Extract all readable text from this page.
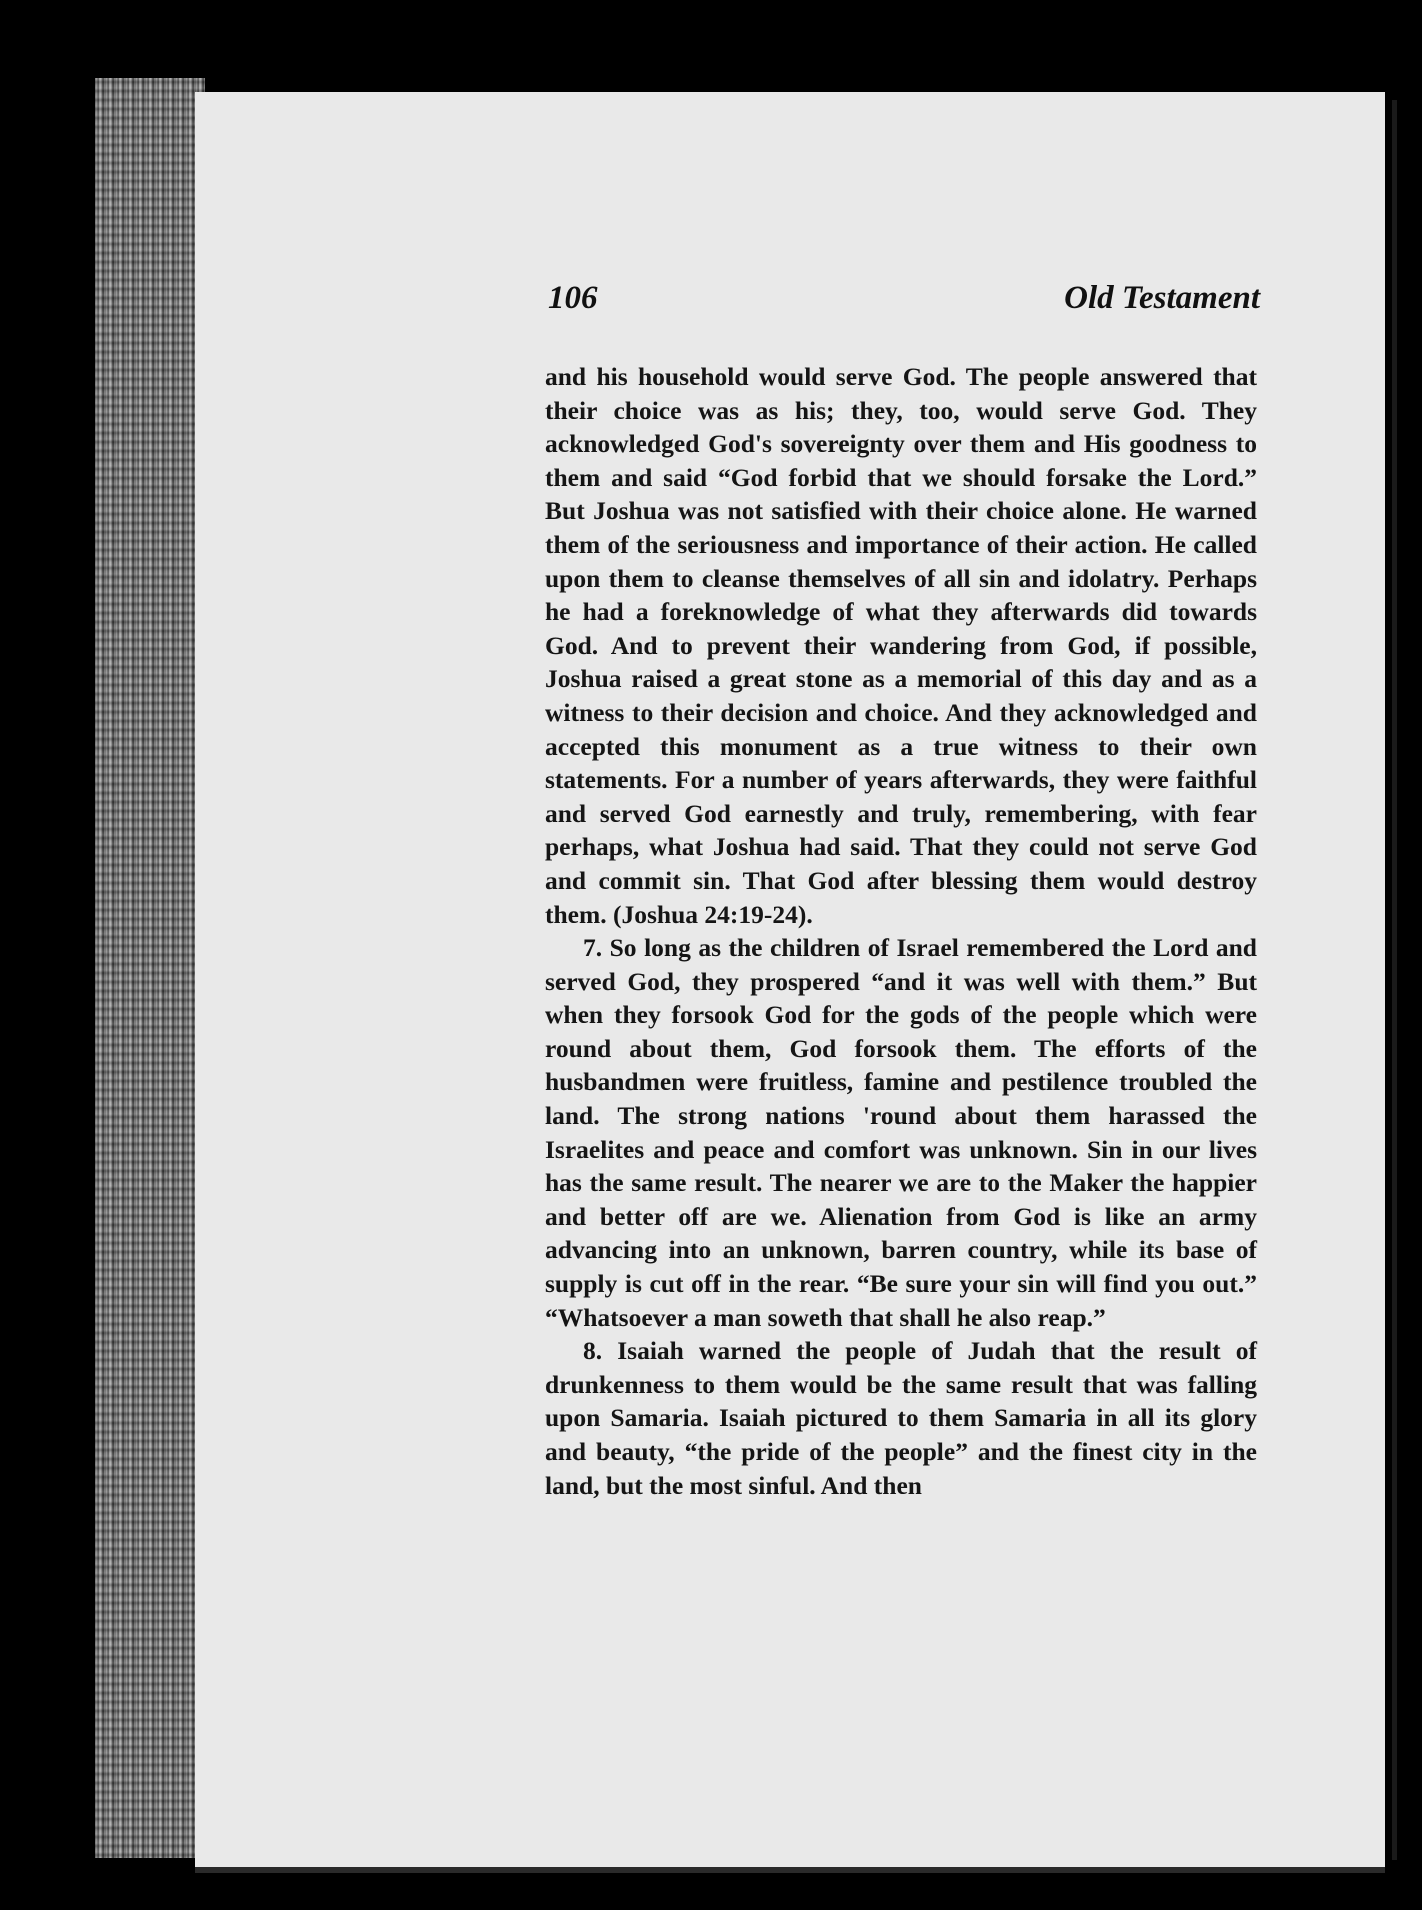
106	Old Testament

and his household would serve God. The people answered that their choice was as his; they, too, would serve God. They acknowledged God's sovereignty over them and His goodness to them and said “God forbid that we should forsake the Lord.” But Joshua was not satisfied with their choice alone. He warned them of the seriousness and importance of their action. He called upon them to cleanse themselves of all sin and idolatry. Perhaps he had a foreknowledge of what they afterwards did towards God. And to prevent their wandering from God, if possible, Joshua raised a great stone as a memorial of this day and as a witness to their decision and choice. And they acknowledged and accepted this monument as a true witness to their own statements. For a number of years afterwards, they were faithful and served God earnestly and truly, remembering, with fear perhaps, what Joshua had said. That they could not serve God and commit sin. That God after blessing them would destroy them. (Joshua 24:19-24).

7. So long as the children of Israel remembered the Lord and served God, they prospered “and it was well with them.” But when they forsook God for the gods of the people which were round about them, God forsook them. The efforts of the husbandmen were fruitless, famine and pestilence troubled the land. The strong nations 'round about them harassed the Israelites and peace and comfort was unknown. Sin in our lives has the same result. The nearer we are to the Maker the happier and better off are we. Alienation from God is like an army advancing into an unknown, barren country, while its base of supply is cut off in the rear. “Be sure your sin will find you out.” “Whatsoever a man soweth that shall he also reap.”

8. Isaiah warned the people of Judah that the result of drunkenness to them would be the same result that was falling upon Samaria. Isaiah pictured to them Samaria in all its glory and beauty, “the pride of the people” and the finest city in the land, but the most sinful. And then
